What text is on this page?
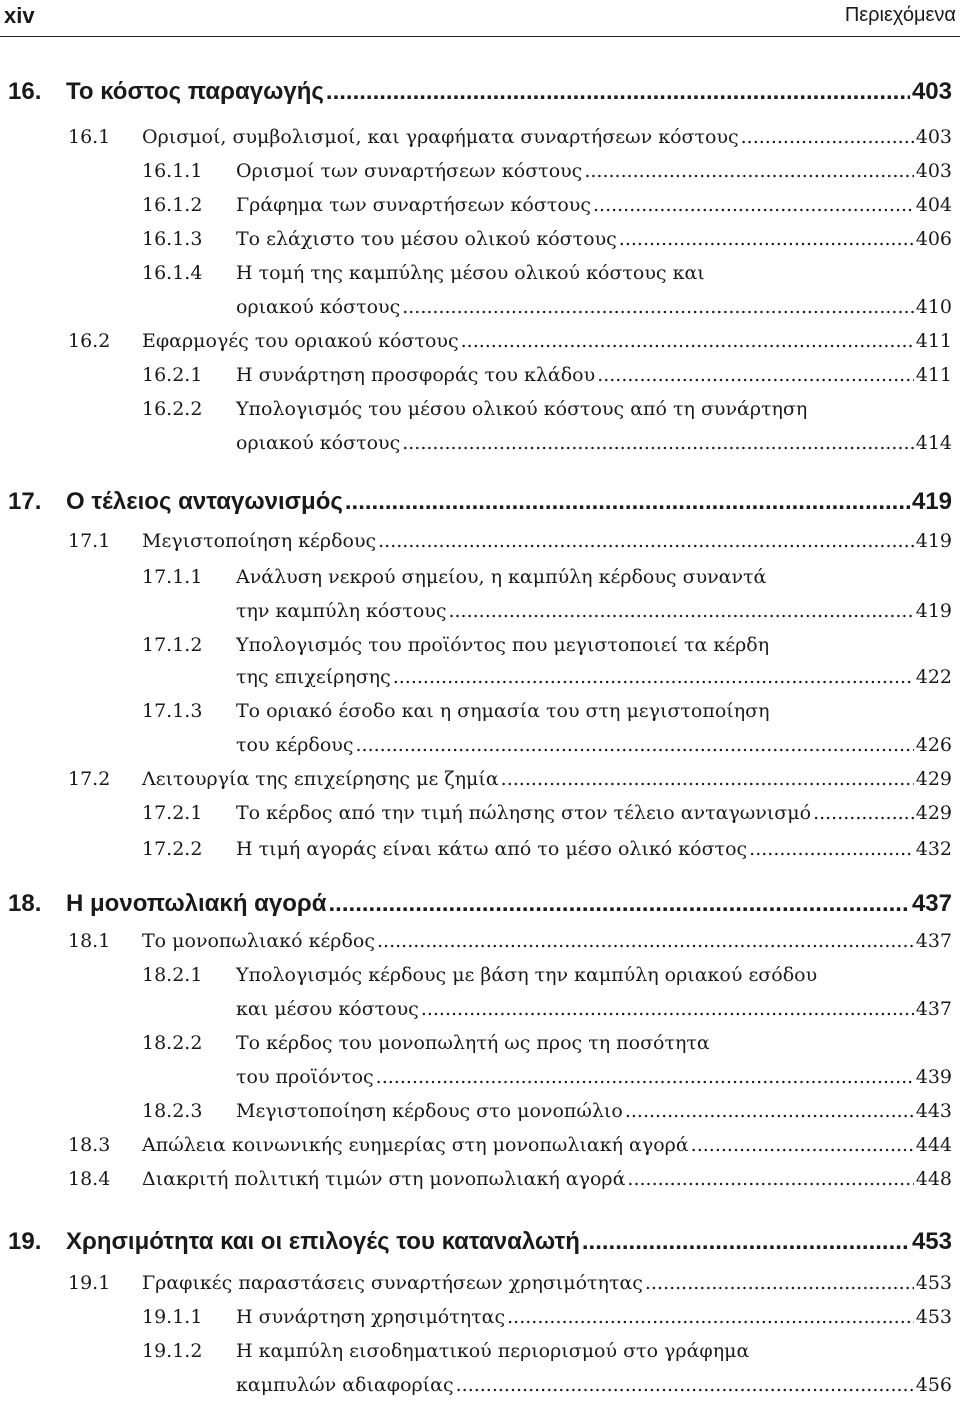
xiv	Περιεχόμενα
16. Το κόστος παραγωγής .....	403
16.1 Ορισμοί, συμβολισμοί, και γραφήματα συναρτήσεων κόστους .....	403
16.1.1 Ορισμοί των συναρτήσεων κόστους .....	403
16.1.2 Γράφημα των συναρτήσεων κόστους .....	404
16.1.3 Το ελάχιστο του μέσου ολικού κόστους .....	406
16.1.4 Η τομή της καμπύλης μέσου ολικού κόστους και
οριακού κόστους .....	410
16.2 Εφαρμογές του οριακού κόστους .....	411
16.2.1 Η συνάρτηση προσφοράς του κλάδου .....	411
16.2.2 Υπολογισμός του μέσου ολικού κόστους από τη συνάρτηση
οριακού κόστους .....	414
17. Ο τέλειος ανταγωνισμός .....	419
17.1 Μεγιστοποίηση κέρδους .....	419
17.1.1 Ανάλυση νεκρού σημείου, η καμπύλη κέρδους συναντά
την καμπύλη κόστους .....	419
17.1.2 Υπολογισμός του προϊόντος που μεγιστοποιεί τα κέρδη
της επιχείρησης .....	422
17.1.3 Το οριακό έσοδο και η σημασία του στη μεγιστοποίηση
του κέρδους .....	426
17.2 Λειτουργία της επιχείρησης με ζημία .....	429
17.2.1 Το κέρδος από την τιμή πώλησης στον τέλειο ανταγωνισμό .....	429
17.2.2 Η τιμή αγοράς είναι κάτω από το μέσο ολικό κόστος .....	432
18. Η μονοπωλιακή αγορά .....	437
18.1 Το μονοπωλιακό κέρδος .....	437
18.2.1 Υπολογισμός κέρδους με βάση την καμπύλη οριακού εσόδου
και μέσου κόστους .....	437
18.2.2 Το κέρδος του μονοπωλητή ως προς τη ποσότητα
του προϊόντος .....	439
18.2.3 Μεγιστοποίηση κέρδους στο μονοπώλιο .....	443
18.3 Απώλεια κοινωνικής ευημερίας στη μονοπωλιακή αγορά .....	444
18.4 Διακριτή πολιτική τιμών στη μονοπωλιακή αγορά .....	448
19. Χρησιμότητα και οι επιλογές του καταναλωτή .....	453
19.1 Γραφικές παραστάσεις συναρτήσεων χρησιμότητας .....	453
19.1.1 Η συνάρτηση χρησιμότητας .....	453
19.1.2 Η καμπύλη εισοδηματικού περιορισμού στο γράφημα
καμπυλών αδιαφορίας .....	456
